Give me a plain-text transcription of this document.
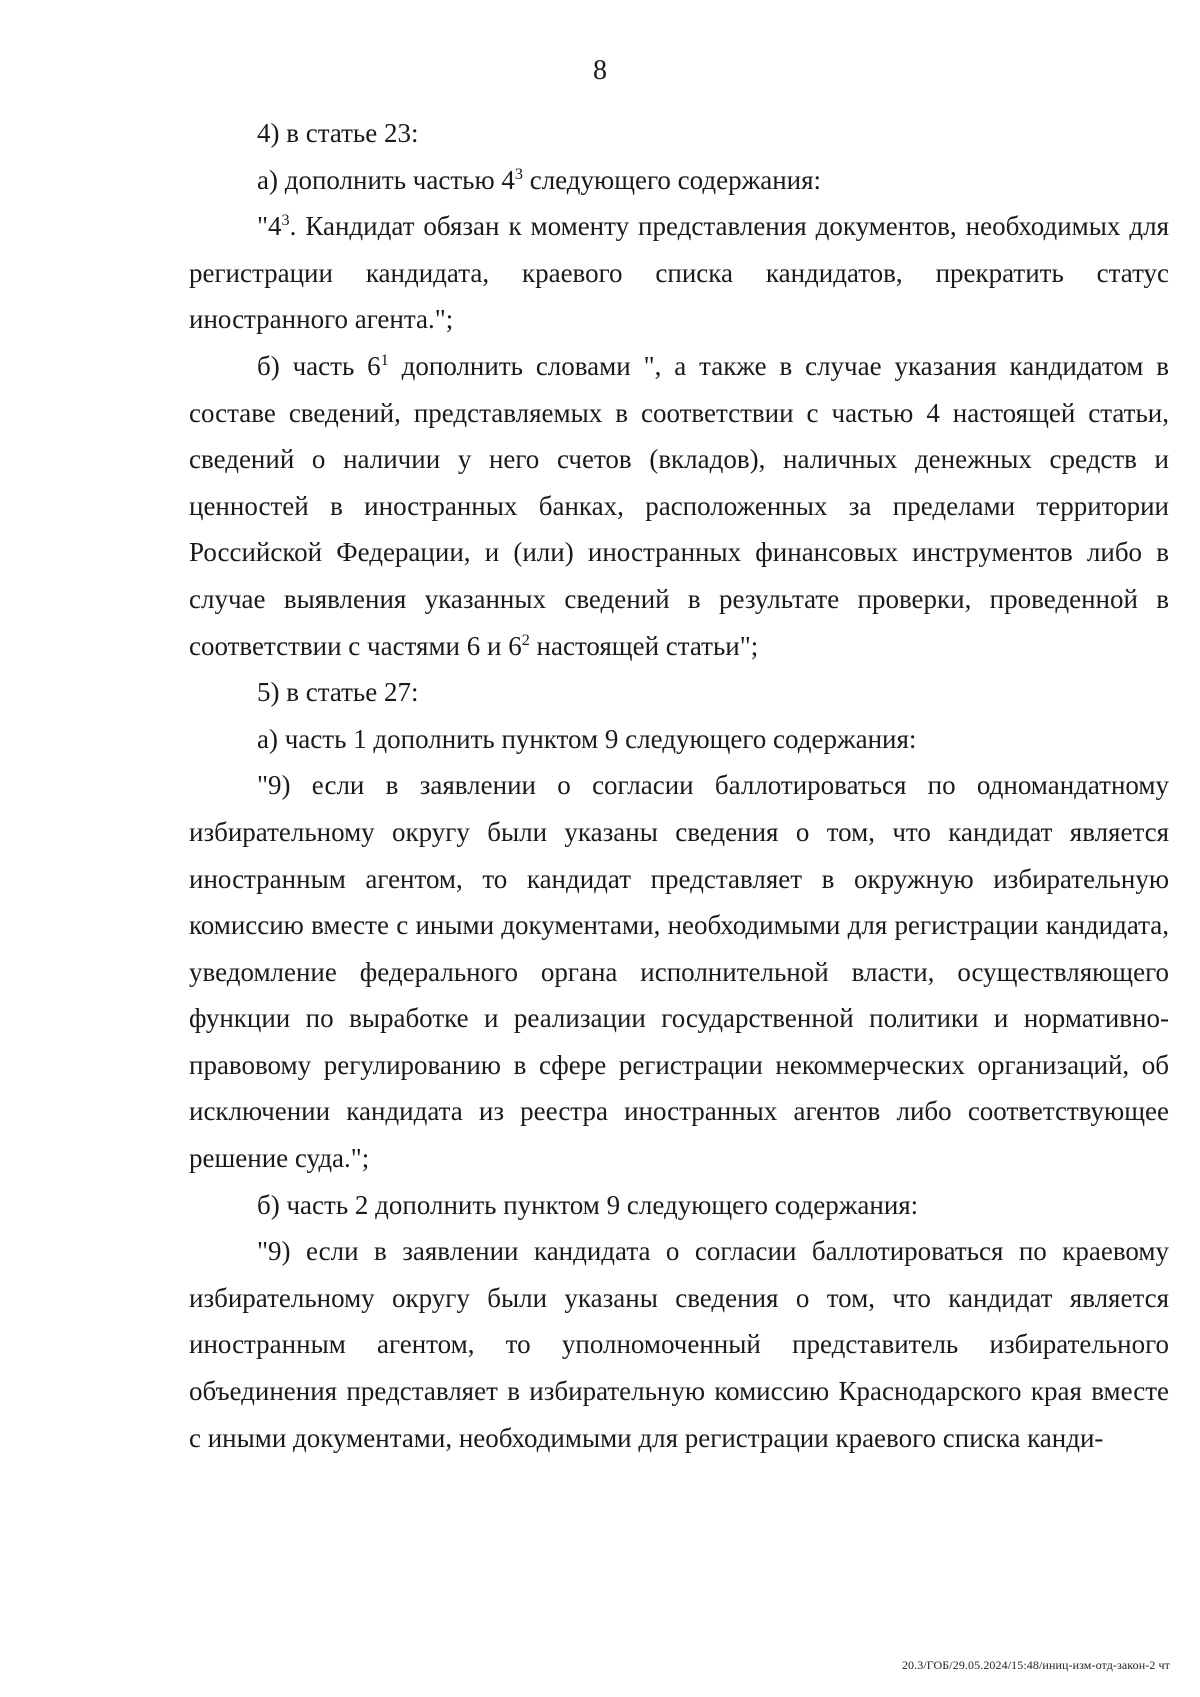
8

4) в статье 23:

а) дополнить частью $4^3$ следующего содержания:

"$4^3$. Кандидат обязан к моменту представления документов, необходимых для регистрации кандидата, краевого списка кандидатов, прекратить статус иностранного агента.";

б) часть $6^1$ дополнить словами ", а также в случае указания кандидатом в составе сведений, представляемых в соответствии с частью 4 настоящей статьи, сведений о наличии у него счетов (вкладов), наличных денежных средств и ценностей в иностранных банках, расположенных за пределами территории Российской Федерации, и (или) иностранных финансовых инструментов либо в случае выявления указанных сведений в результате проверки, проведенной в соответствии с частями 6 и $6^2$ настоящей статьи";

5) в статье 27:

а) часть 1 дополнить пунктом 9 следующего содержания:

"9) если в заявлении о согласии баллотироваться по одномандатному избирательному округу были указаны сведения о том, что кандидат является иностранным агентом, то кандидат представляет в окружную избирательную комиссию вместе с иными документами, необходимыми для регистрации кандидата, уведомление федерального органа исполнительной власти, осуществляющего функции по выработке и реализации государственной политики и нормативно-правовому регулированию в сфере регистрации некоммерческих организаций, об исключении кандидата из реестра иностранных агентов либо соответствующее решение суда.";

б) часть 2 дополнить пунктом 9 следующего содержания:

"9) если в заявлении кандидата о согласии баллотироваться по краевому избирательному округу были указаны сведения о том, что кандидат является иностранным агентом, то уполномоченный представитель избирательного объединения представляет в избирательную комиссию Краснодарского края вместе с иными документами, необходимыми для регистрации краевого списка канди-

20.3/ГОБ/29.05.2024/15:48/иниц-изм-отд-закон-2 чт
